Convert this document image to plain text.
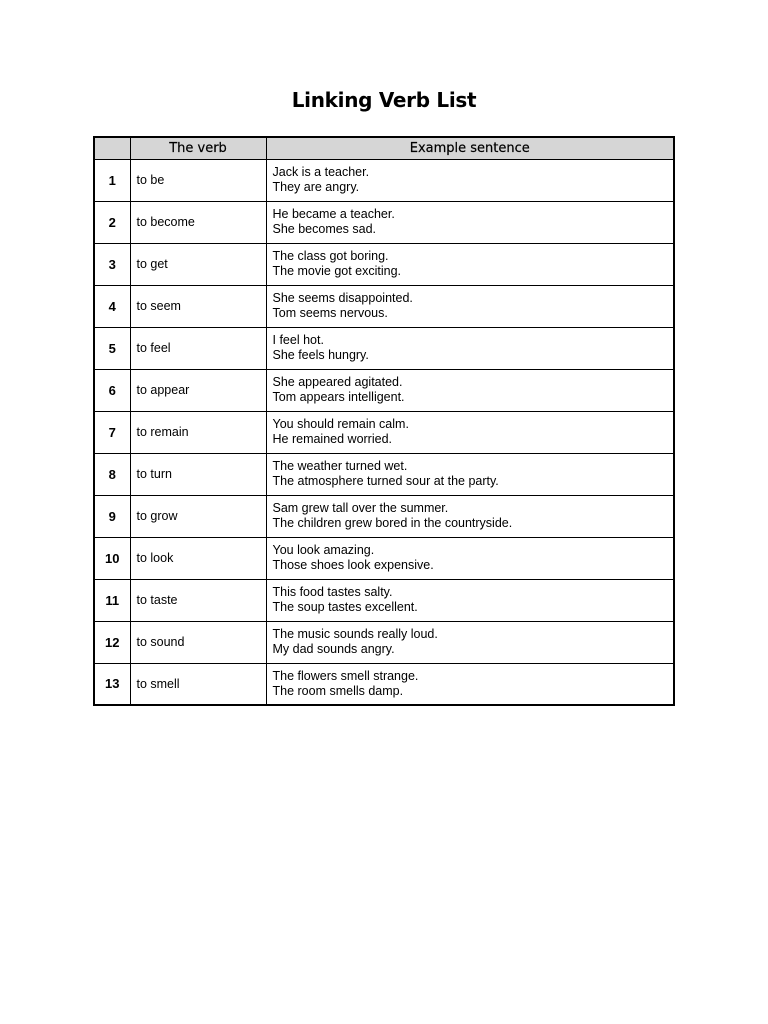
Linking Verb List
	The verb	Example sentence
1	to be	Jack is a teacher.
They are angry.

2	to become	He became a teacher.
She becomes sad.

3	to get	The class got boring.
The movie got exciting.

4	to seem	She seems disappointed.
Tom seems nervous.

5	to feel	I feel hot.
She feels hungry.

6	to appear	She appeared agitated.
Tom appears intelligent.

7	to remain	You should remain calm.
He remained worried.

8	to turn	The weather turned wet.
The atmosphere turned sour at the party.

9	to grow	Sam grew tall over the summer.
The children grew bored in the countryside.

10	to look	You look amazing.
Those shoes look expensive.

11	to taste	This food tastes salty.
The soup tastes excellent.

12	to sound	The music sounds really loud.
My dad sounds angry.

13	to smell	The flowers smell strange.
The room smells damp.
